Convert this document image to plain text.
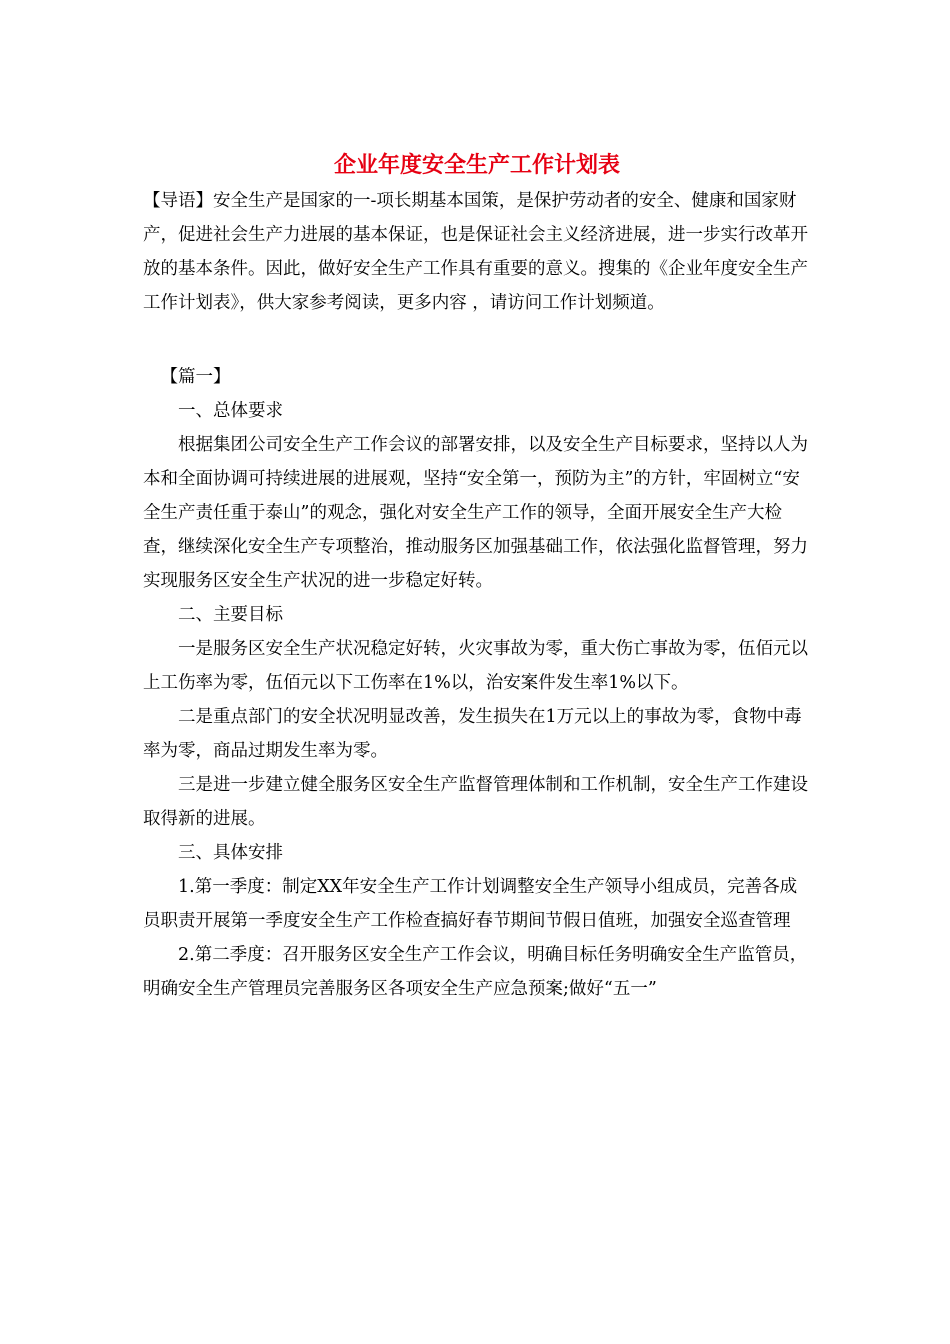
企业年度安全生产工作计划表

【导语】安全生产是国家的一-项长期基本国策，是保护劳动者的安全、健康和国家财产，促进社会生产力进展的基本保证，也是保证社会主义经济进展，进一步实行改革开放的基本条件。因此，做好安全生产工作具有重要的意义。搜集的《企业年度安全生产工作计划表》，供大家参考阅读，更多内容 ，请访问工作计划频道。

【篇一】

一、总体要求

根据集团公司安全生产工作会议的部署安排，以及安全生产目标要求，坚持以人为本和全面协调可持续进展的进展观，坚持“安全第一，预防为主”的方针，牢固树立“安全生产责任重于泰山”的观念，强化对安全生产工作的领导，全面开展安全生产大检查，继续深化安全生产专项整治，推动服务区加强基础工作，依法强化监督管理，努力实现服务区安全生产状况的进一步稳定好转。

二、主要目标

一是服务区安全生产状况稳定好转，火灾事故为零，重大伤亡事故为零，伍佰元以上工伤率为零，伍佰元以下工伤率在1%以，治安案件发生率1%以下。

二是重点部门的安全状况明显改善，发生损失在1万元以上的事故为零，食物中毒率为零，商品过期发生率为零。

三是进一步建立健全服务区安全生产监督管理体制和工作机制，安全生产工作建设取得新的进展。

三、具体安排

1.第一季度：制定XX年安全生产工作计划调整安全生产领导小组成员，完善各成员职责开展第一季度安全生产工作检查搞好春节期间节假日值班，加强安全巡查管理

2.第二季度：召开服务区安全生产工作会议，明确目标任务明确安全生产监管员，明确安全生产管理员完善服务区各项安全生产应急预案;做好“五一”
